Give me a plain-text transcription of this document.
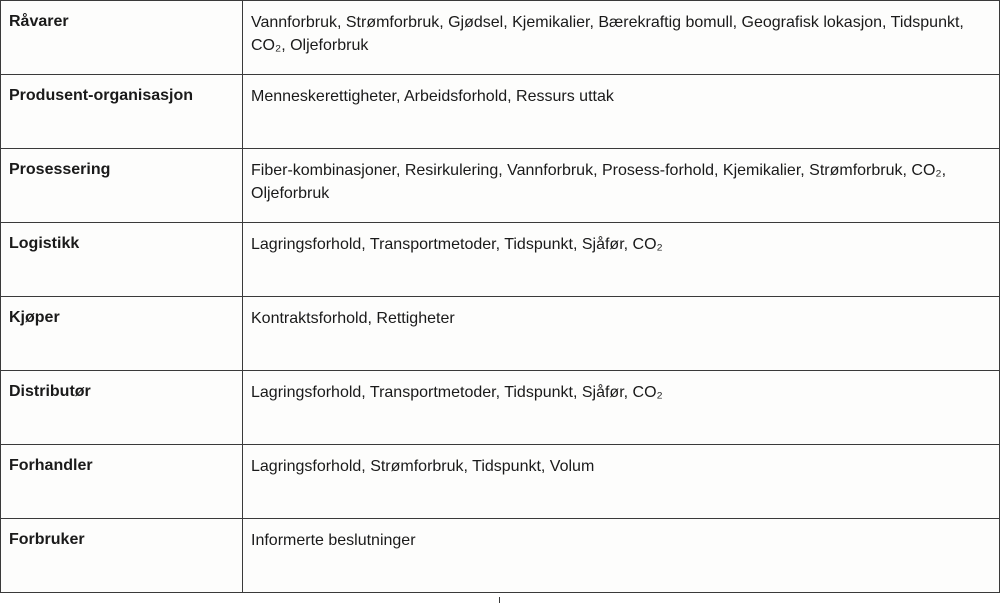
Råvarer	Vannforbruk, Strømforbruk, Gjødsel, Kjemikalier, Bærekraftig bomull, Geografisk lokasjon, Tidspunkt, CO₂, Oljeforbruk
Produsent-organisasjon	Menneskerettigheter, Arbeidsforhold, Ressurs uttak
Prosessering	Fiber-kombinasjoner, Resirkulering, Vannforbruk, Prosess-forhold, Kjemikalier, Strømforbruk, CO₂, Oljeforbruk
Logistikk	Lagringsforhold, Transportmetoder, Tidspunkt, Sjåfør, CO₂
Kjøper	Kontraktsforhold, Rettigheter
Distributør	Lagringsforhold, Transportmetoder, Tidspunkt, Sjåfør, CO₂
Forhandler	Lagringsforhold, Strømforbruk, Tidspunkt, Volum
Forbruker	Informerte beslutninger
